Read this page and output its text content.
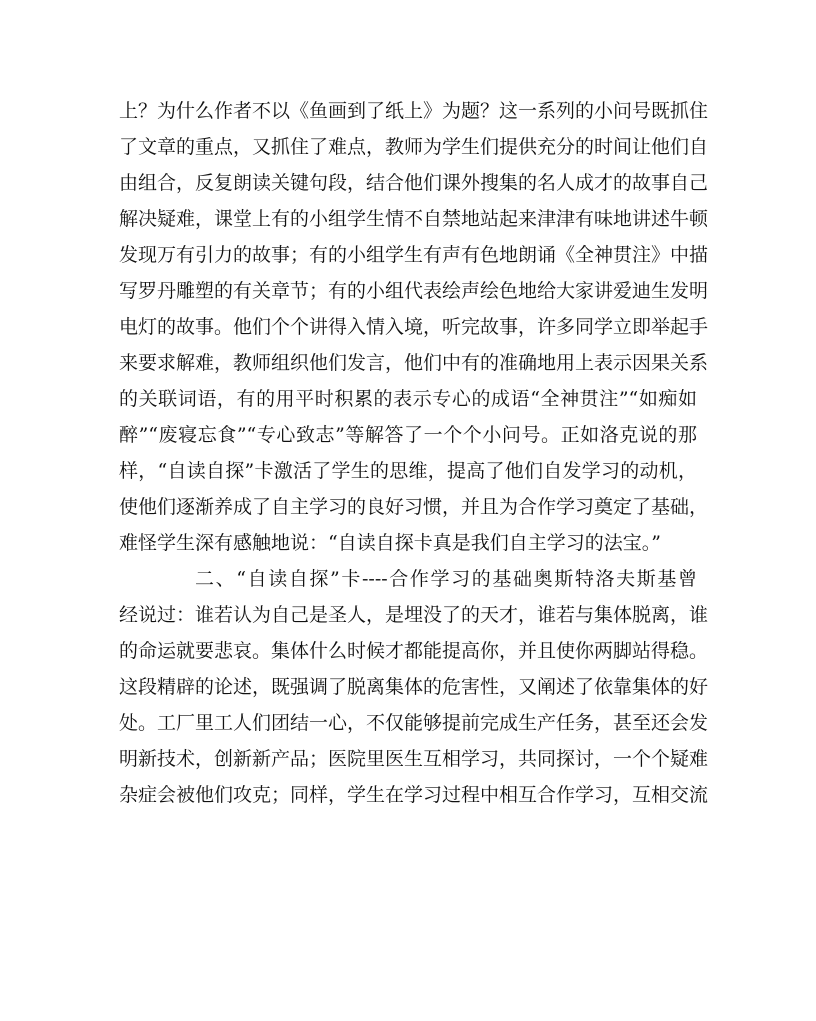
上？为什么作者不以《鱼画到了纸上》为题？这一系列的小问号既抓住
了文章的重点，又抓住了难点，教师为学生们提供充分的时间让他们自
由组合，反复朗读关键句段，结合他们课外搜集的名人成才的故事自己
解决疑难，课堂上有的小组学生情不自禁地站起来津津有味地讲述牛顿
发现万有引力的故事；有的小组学生有声有色地朗诵《全神贯注》中描
写罗丹雕塑的有关章节；有的小组代表绘声绘色地给大家讲爱迪生发明
电灯的故事。他们个个讲得入情入境，听完故事，许多同学立即举起手
来要求解难，教师组织他们发言，他们中有的准确地用上表示因果关系
的关联词语，有的用平时积累的表示专心的成语“全神贯注”“如痴如
醉”“废寝忘食”“专心致志”等解答了一个个小问号。正如洛克说的那
样，“自读自探”卡激活了学生的思维，提高了他们自发学习的动机，
使他们逐渐养成了自主学习的良好习惯，并且为合作学习奠定了基础，
难怪学生深有感触地说：“自读自探卡真是我们自主学习的法宝。”
二、“自读自探”卡----合作学习的基础奥斯特洛夫斯基曾
经说过：谁若认为自己是圣人，是埋没了的天才，谁若与集体脱离，谁
的命运就要悲哀。集体什么时候才都能提高你，并且使你两脚站得稳。
这段精辟的论述，既强调了脱离集体的危害性，又阐述了依靠集体的好
处。工厂里工人们团结一心，不仅能够提前完成生产任务，甚至还会发
明新技术，创新新产品；医院里医生互相学习，共同探讨，一个个疑难
杂症会被他们攻克；同样，学生在学习过程中相互合作学习，互相交流
